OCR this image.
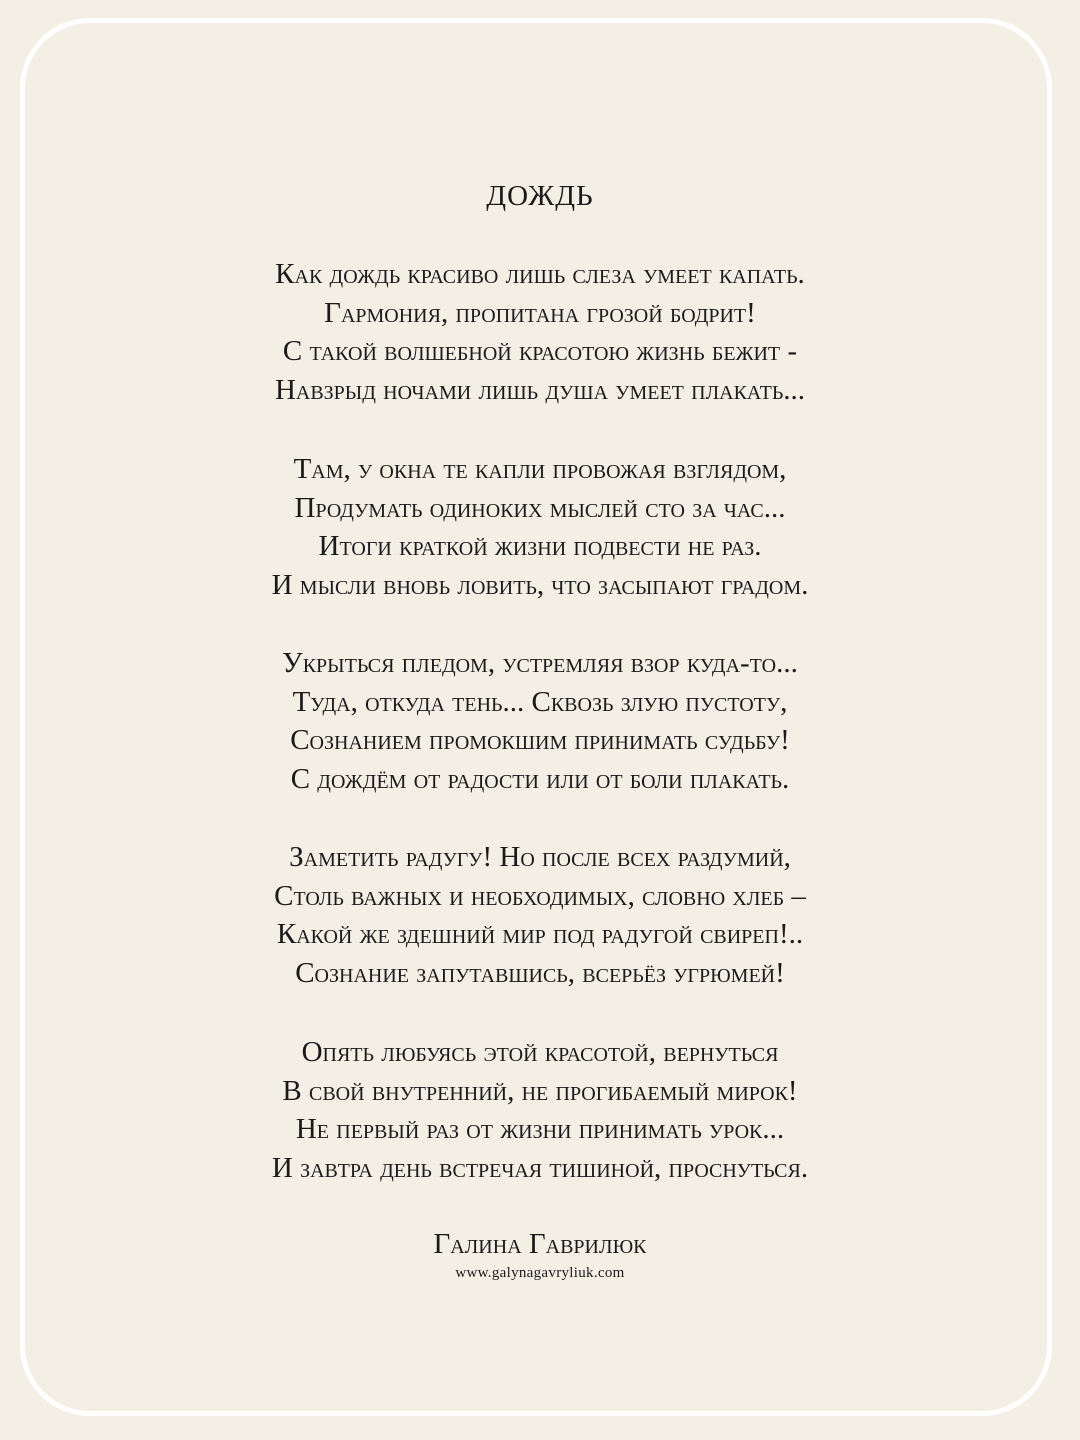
ДОЖДЬ
Как дождь красиво лишь слеза умеет капать.
Гармония, пропитана грозой бодрит!
С такой волшебной красотою жизнь бежит -
Навзрыд ночами лишь душа умеет плакать...
Там, у окна те капли провожая взглядом,
Продумать одиноких мыслей сто за час...
Итоги краткой жизни подвести не раз.
И мысли вновь ловить, что засыпают градом.
Укрыться пледом, устремляя взор куда-то...
Туда, откуда тень... Сквозь злую пустоту,
Сознанием промокшим принимать судьбу!
С дождём от радости или от боли плакать.
Заметить радугу! Но после всех раздумий,
Столь важных и необходимых, словно хлеб –
Какой же здешний мир под радугой свиреп!..
Сознание запутавшись, всерьёз угрюмей!
Опять любуясь этой красотой, вернуться
В свой внутренний, не прогибаемый мирок!
Не первый раз от жизни принимать урок...
И завтра день встречая тишиной, проснуться.
Галина Гаврилюк
www.galynagavryliuk.com
